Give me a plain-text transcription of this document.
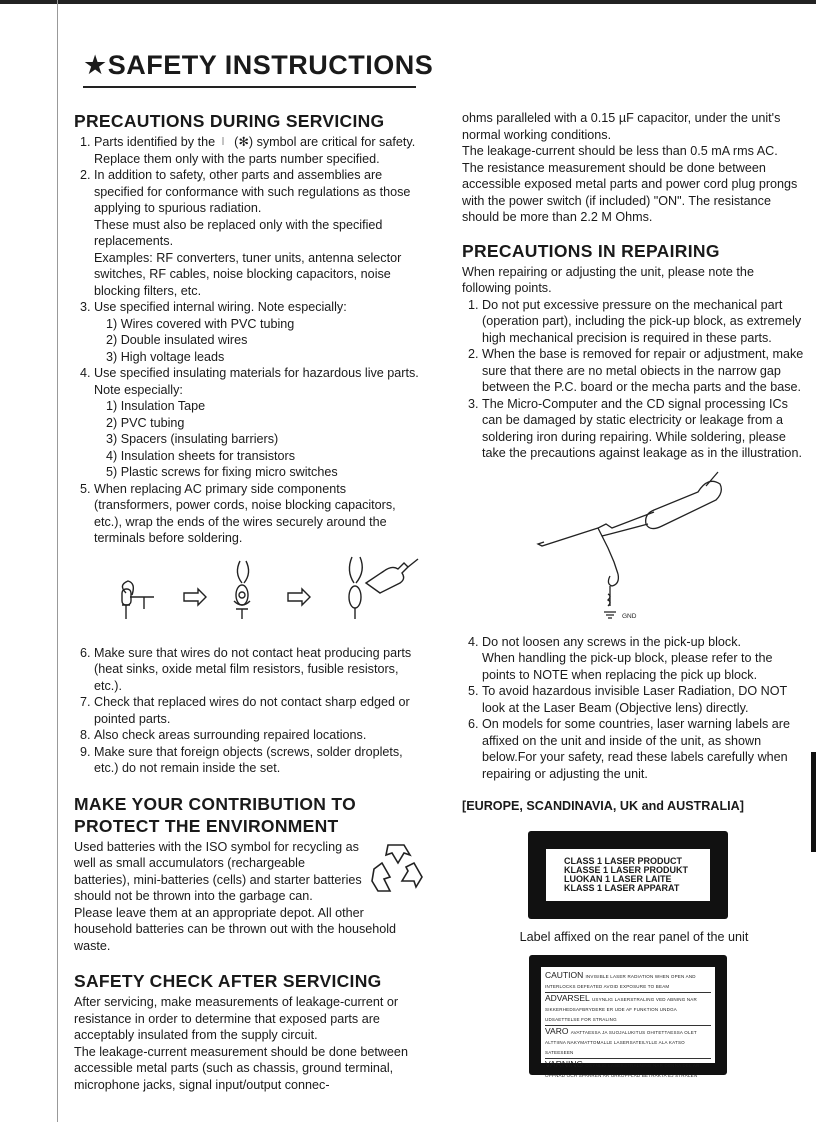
★SAFETY INSTRUCTIONS
PRECAUTIONS DURING SERVICING
1. Parts identified by the (✻) symbol are critical for safety. Replace them only with the parts number specified.
2. In addition to safety, other parts and assemblies are specified for conformance with such regulations as those applying to spurious radiation.
These must also be replaced only with the specified replacements.
Examples: RF converters, tuner units, antenna selector switches, RF cables, noise blocking capacitors, noise blocking filters, etc.
3. Use specified internal wiring. Note especially:
1) Wires covered with PVC tubing
2) Double insulated wires
3) High voltage leads
4. Use specified insulating materials for hazardous live parts. Note especially:
1) Insulation Tape
2) PVC tubing
3) Spacers (insulating barriers)
4) Insulation sheets for transistors
5) Plastic screws for fixing micro switches
5. When replacing AC primary side components (transformers, power cords, noise blocking capacitors, etc.), wrap the ends of the wires securely around the terminals before soldering.
6. Make sure that wires do not contact heat producing parts (heat sinks, oxide metal film resistors, fusible resistors, etc.).
7. Check that replaced wires do not contact sharp edged or pointed parts.
8. Also check areas surrounding repaired locations.
9. Make sure that foreign objects (screws, solder droplets, etc.) do not remain inside the set.
MAKE YOUR CONTRIBUTION TO PROTECT THE ENVIRONMENT

Used batteries with the ISO symbol for recycling as well as small accumulators (rechargeable batteries), mini-batteries (cells) and starter batteries should not be thrown into the garbage can.

Please leave them at an appropriate depot. All other household batteries can be thrown out with the household waste.

SAFETY CHECK AFTER SERVICING

After servicing, make measurements of leakage-current or resistance in order to determine that exposed parts are acceptably insulated from the supply circuit.

The leakage-current measurement should be done between accessible metal parts (such as chassis, ground terminal, microphone jacks, signal input/output connec-

ohms paralleled with a 0.15 µF capacitor, under the unit's normal working conditions.

The leakage-current should be less than 0.5 mA rms AC.

The resistance measurement should be done between accessible exposed metal parts and power cord plug prongs with the power switch (if included) "ON". The resistance should be more than 2.2 M Ohms.

PRECAUTIONS IN REPAIRING

When repairing or adjusting the unit, please note the following points.

1. Do not put excessive pressure on the mechanical part (operation part), including the pick-up block, as extremely high mechanical precision is required in these parts.
2. When the base is removed for repair or adjustment, make sure that there are no metal obiects in the narrow gap between the P.C. board or the mecha parts and the base.
3. The Micro-Computer and the CD signal processing ICs can be damaged by static electricity or leakage from a soldering iron during repairing. While soldering, please take the precautions against leakage as in the illustration.
GND
4. Do not loosen any screws in the pick-up block.
When handling the pick-up block, please refer to the points to NOTE when replacing the pick up block.
5. To avoid hazardous invisible Laser Radiation, DO NOT look at the Laser Beam (Objective lens) directly.
6. On models for some countries, laser warning labels are affixed on the unit and inside of the unit, as shown below.For your safety, read these labels carefully when repairing or adjusting the unit.
[EUROPE, SCANDINAVIA, UK and AUSTRALIA]
CLASS 1 LASER PRODUCT
KLASSE 1 LASER PRODUKT
LUOKAN 1 LASER LAITE
KLASS 1 LASER APPARAT
Label affixed on the rear panel of the unit
CAUTION INVISIBLE LASER RADIATION WHEN OPEN AND INTERLOCKS DEFEATED AVOID EXPOSURE TO BEAM
ADVARSEL USYNLIG LASERSTRALING VED ABNING NAR SIKKERHEDSAFBRYDERE ER UDE AF FUNKTION UNDGA UDSAETTELSE FOR STRALING
VARO AVATTAESSA JA SUOJALUKITUS OHITETTAESSA OLET ALTTIINA NAKYMATTOMALLE LASERSATEILYLLE ALA KATSO SATEESEEN
VARNING OSYNLIG LASERSTRALNING NAR DENNA DEL AR OPPNAD OCH SPARREN AR URKOPPLAD BETRAKTA EJ STRALEN
